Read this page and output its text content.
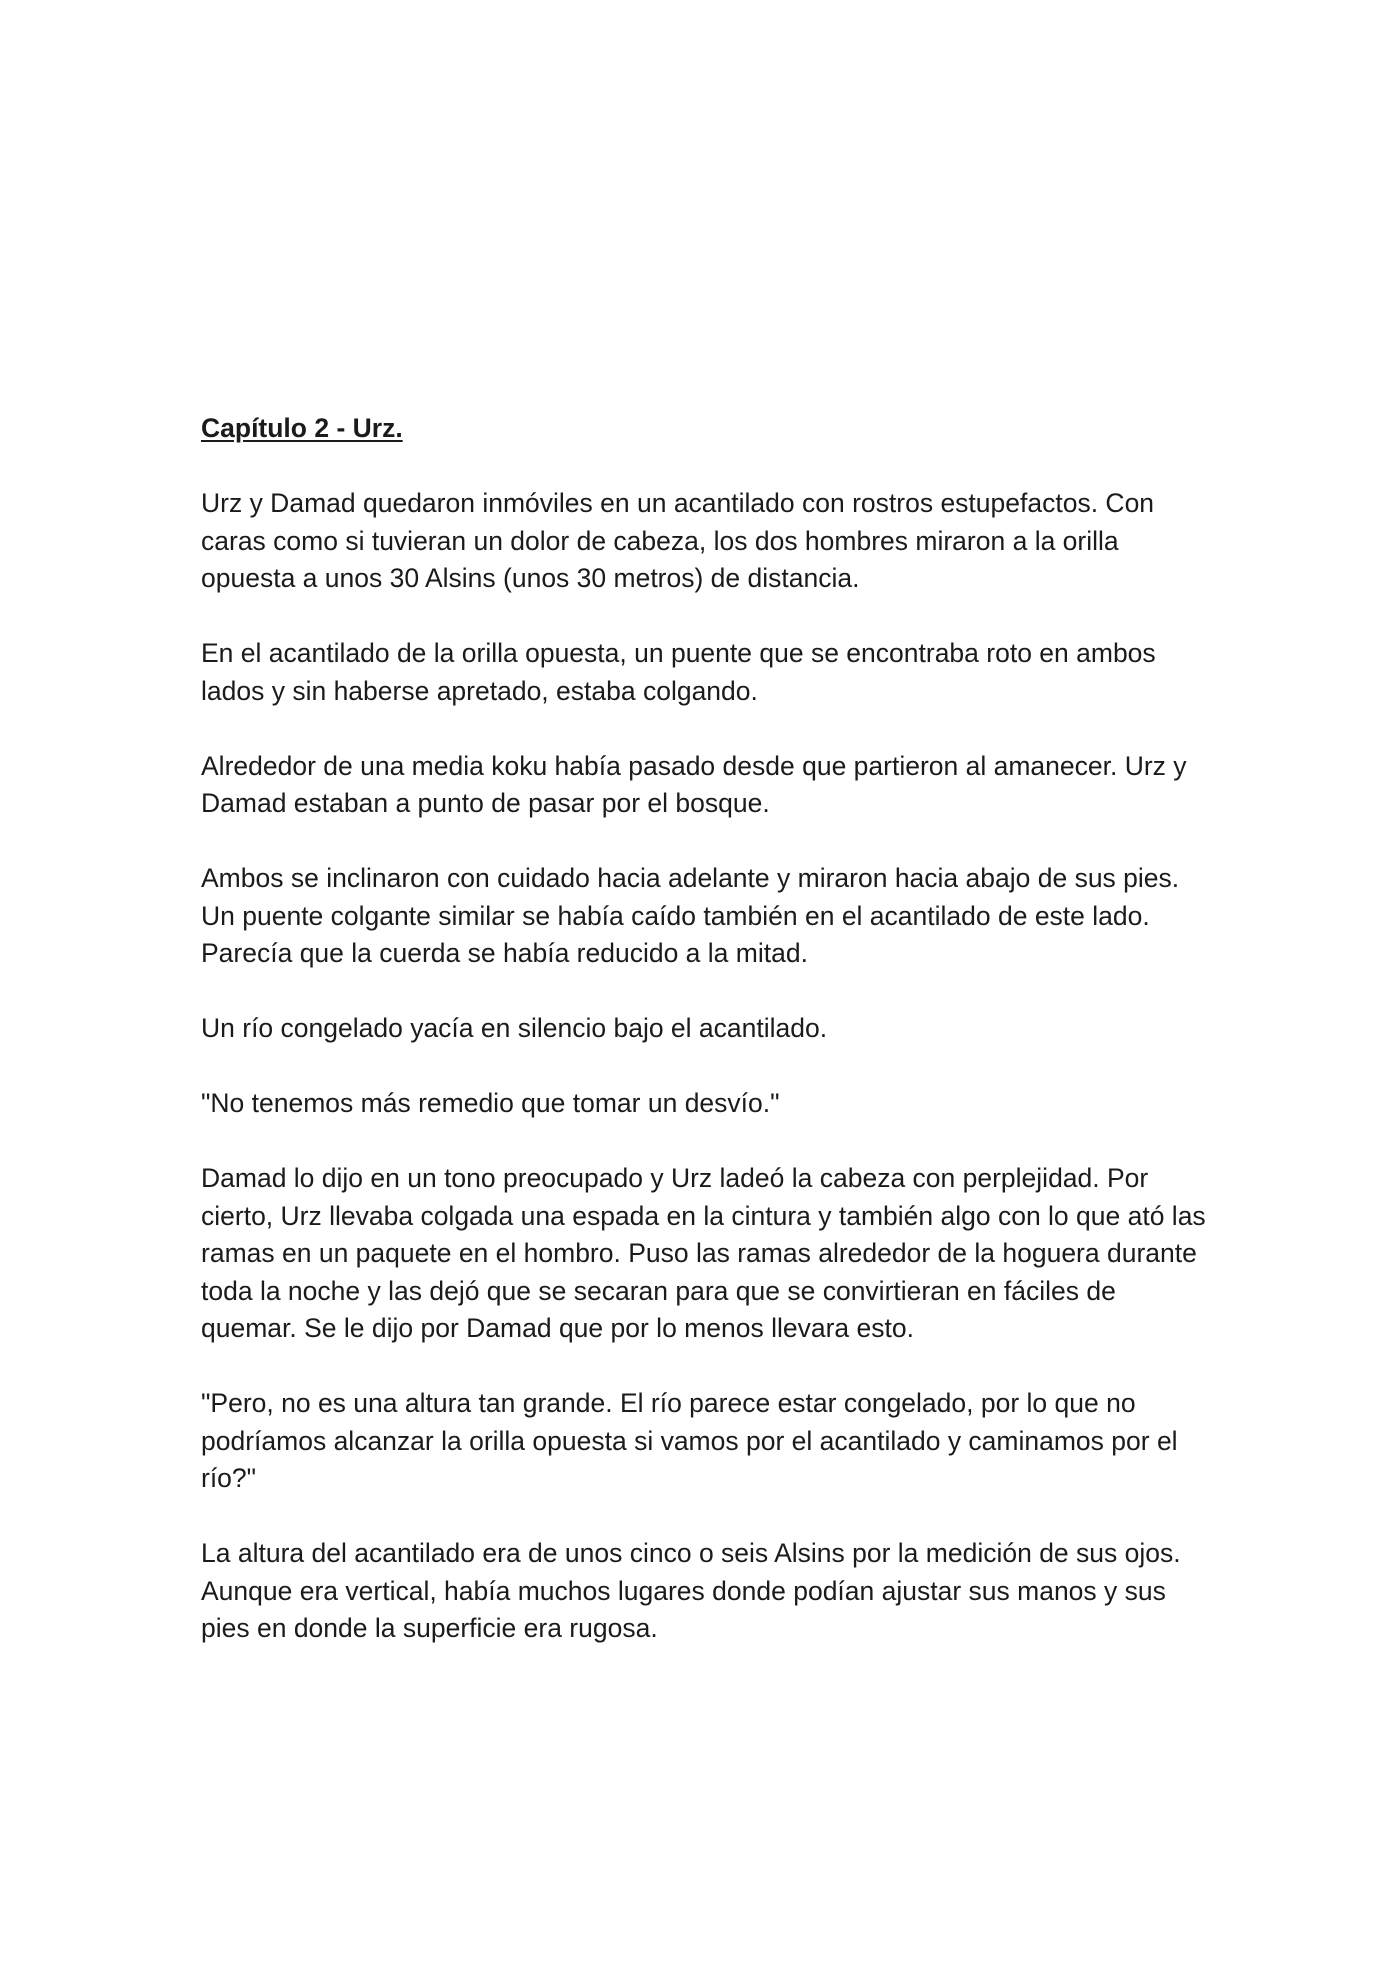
Capítulo 2 - Urz.

Urz y Damad quedaron inmóviles en un acantilado con rostros estupefactos. Con caras como si tuvieran un dolor de cabeza, los dos hombres miraron a la orilla opuesta a unos 30 Alsins (unos 30 metros) de distancia.

En el acantilado de la orilla opuesta, un puente que se encontraba roto en ambos lados y sin haberse apretado, estaba colgando.

Alrededor de una media koku había pasado desde que partieron al amanecer. Urz y Damad estaban a punto de pasar por el bosque.

Ambos se inclinaron con cuidado hacia adelante y miraron hacia abajo de sus pies. Un puente colgante similar se había caído también en el acantilado de este lado. Parecía que la cuerda se había reducido a la mitad.

Un río congelado yacía en silencio bajo el acantilado.

"No tenemos más remedio que tomar un desvío."

Damad lo dijo en un tono preocupado y Urz ladeó la cabeza con perplejidad. Por cierto, Urz llevaba colgada una espada en la cintura y también algo con lo que ató las ramas en un paquete en el hombro. Puso las ramas alrededor de la hoguera durante toda la noche y las dejó que se secaran para que se convirtieran en fáciles de quemar. Se le dijo por Damad que por lo menos llevara esto.

"Pero, no es una altura tan grande. El río parece estar congelado, por lo que no podríamos alcanzar la orilla opuesta si vamos por el acantilado y caminamos por el río?"

La altura del acantilado era de unos cinco o seis Alsins por la medición de sus ojos. Aunque era vertical, había muchos lugares donde podían ajustar sus manos y sus pies en donde la superficie era rugosa.
